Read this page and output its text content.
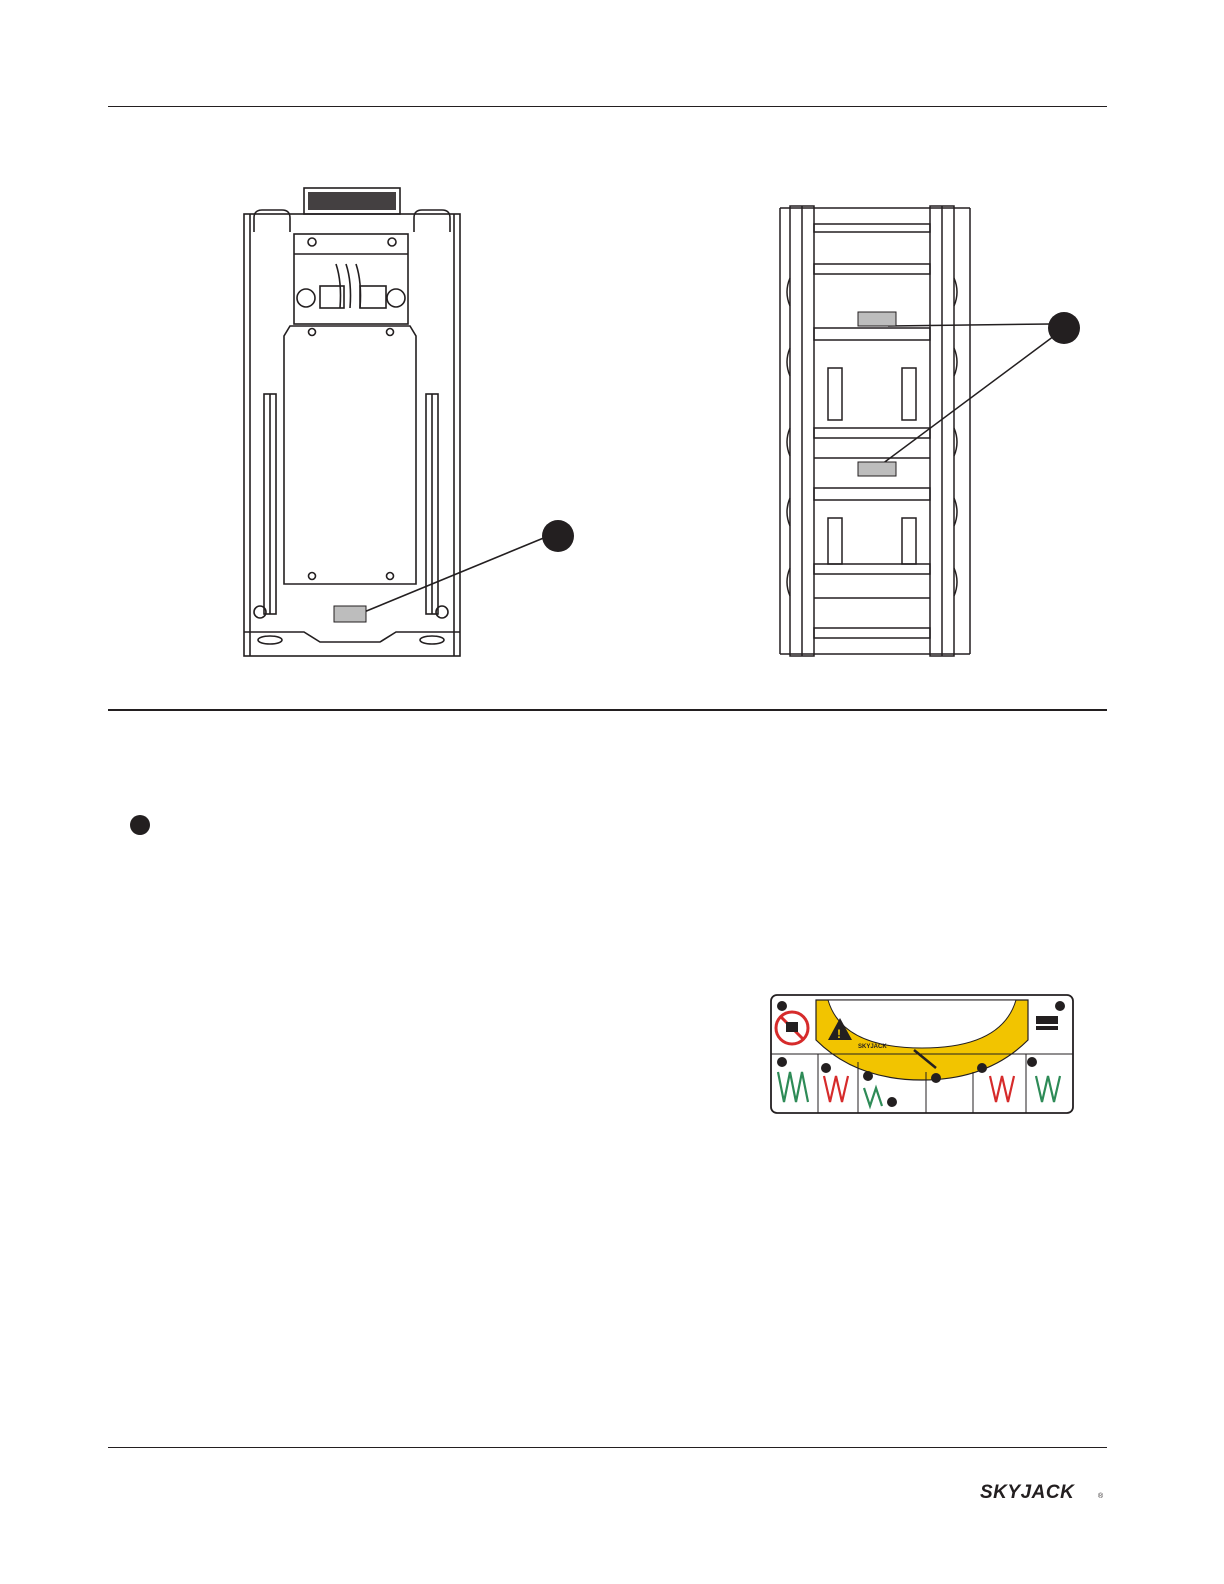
!
SKYJACK
SKYJACK	®
